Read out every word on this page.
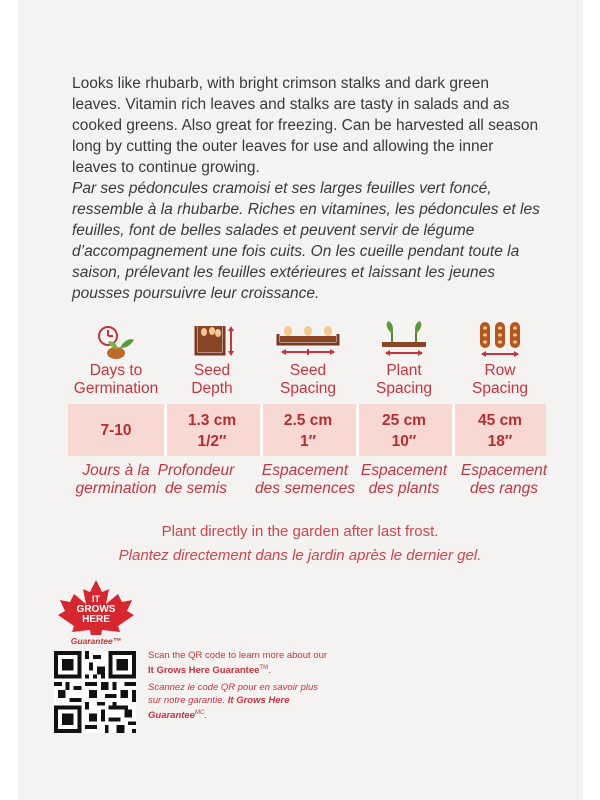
Looks like rhubarb, with bright crimson stalks and dark green leaves. Vitamin rich leaves and stalks are tasty in salads and as cooked greens. Also great for freezing. Can be harvested all season long by cutting the outer leaves for use and allowing the inner leaves to continue growing.

Par ses pédoncules cramoisi et ses larges feuilles vert foncé, ressemble à la rhubarbe. Riches en vitamines, les pédoncules et les feuilles, font de belles salades et peuvent servir de légume d’accompagnement une fois cuits. On les cueille pendant toute la saison, prélevant les feuilles extérieures et laissant les jeunes pousses poursuivre leur croissance.

Days to
Germination
Seed
Depth
Seed
Spacing
Plant
Spacing
Row
Spacing
7-10
1.3 cm
1/2″
2.5 cm
1″
25 cm
10″
45 cm
18″
Jours à la
germination
Profondeur
de semis
Espacement
des semences
Espacement
des plants
Espacement
des rangs
Plant directly in the garden after last frost.
Plantez directement dans le jardin après le dernier gel.
IT
GROWS
HERE
Guarantee™

Scan the QR code to learn more about our It Grows Here Guarantee™.

Scannez le code QR pour en savoir plus sur notre garantie. It Grows Here Guarantee$^{MC}$.
